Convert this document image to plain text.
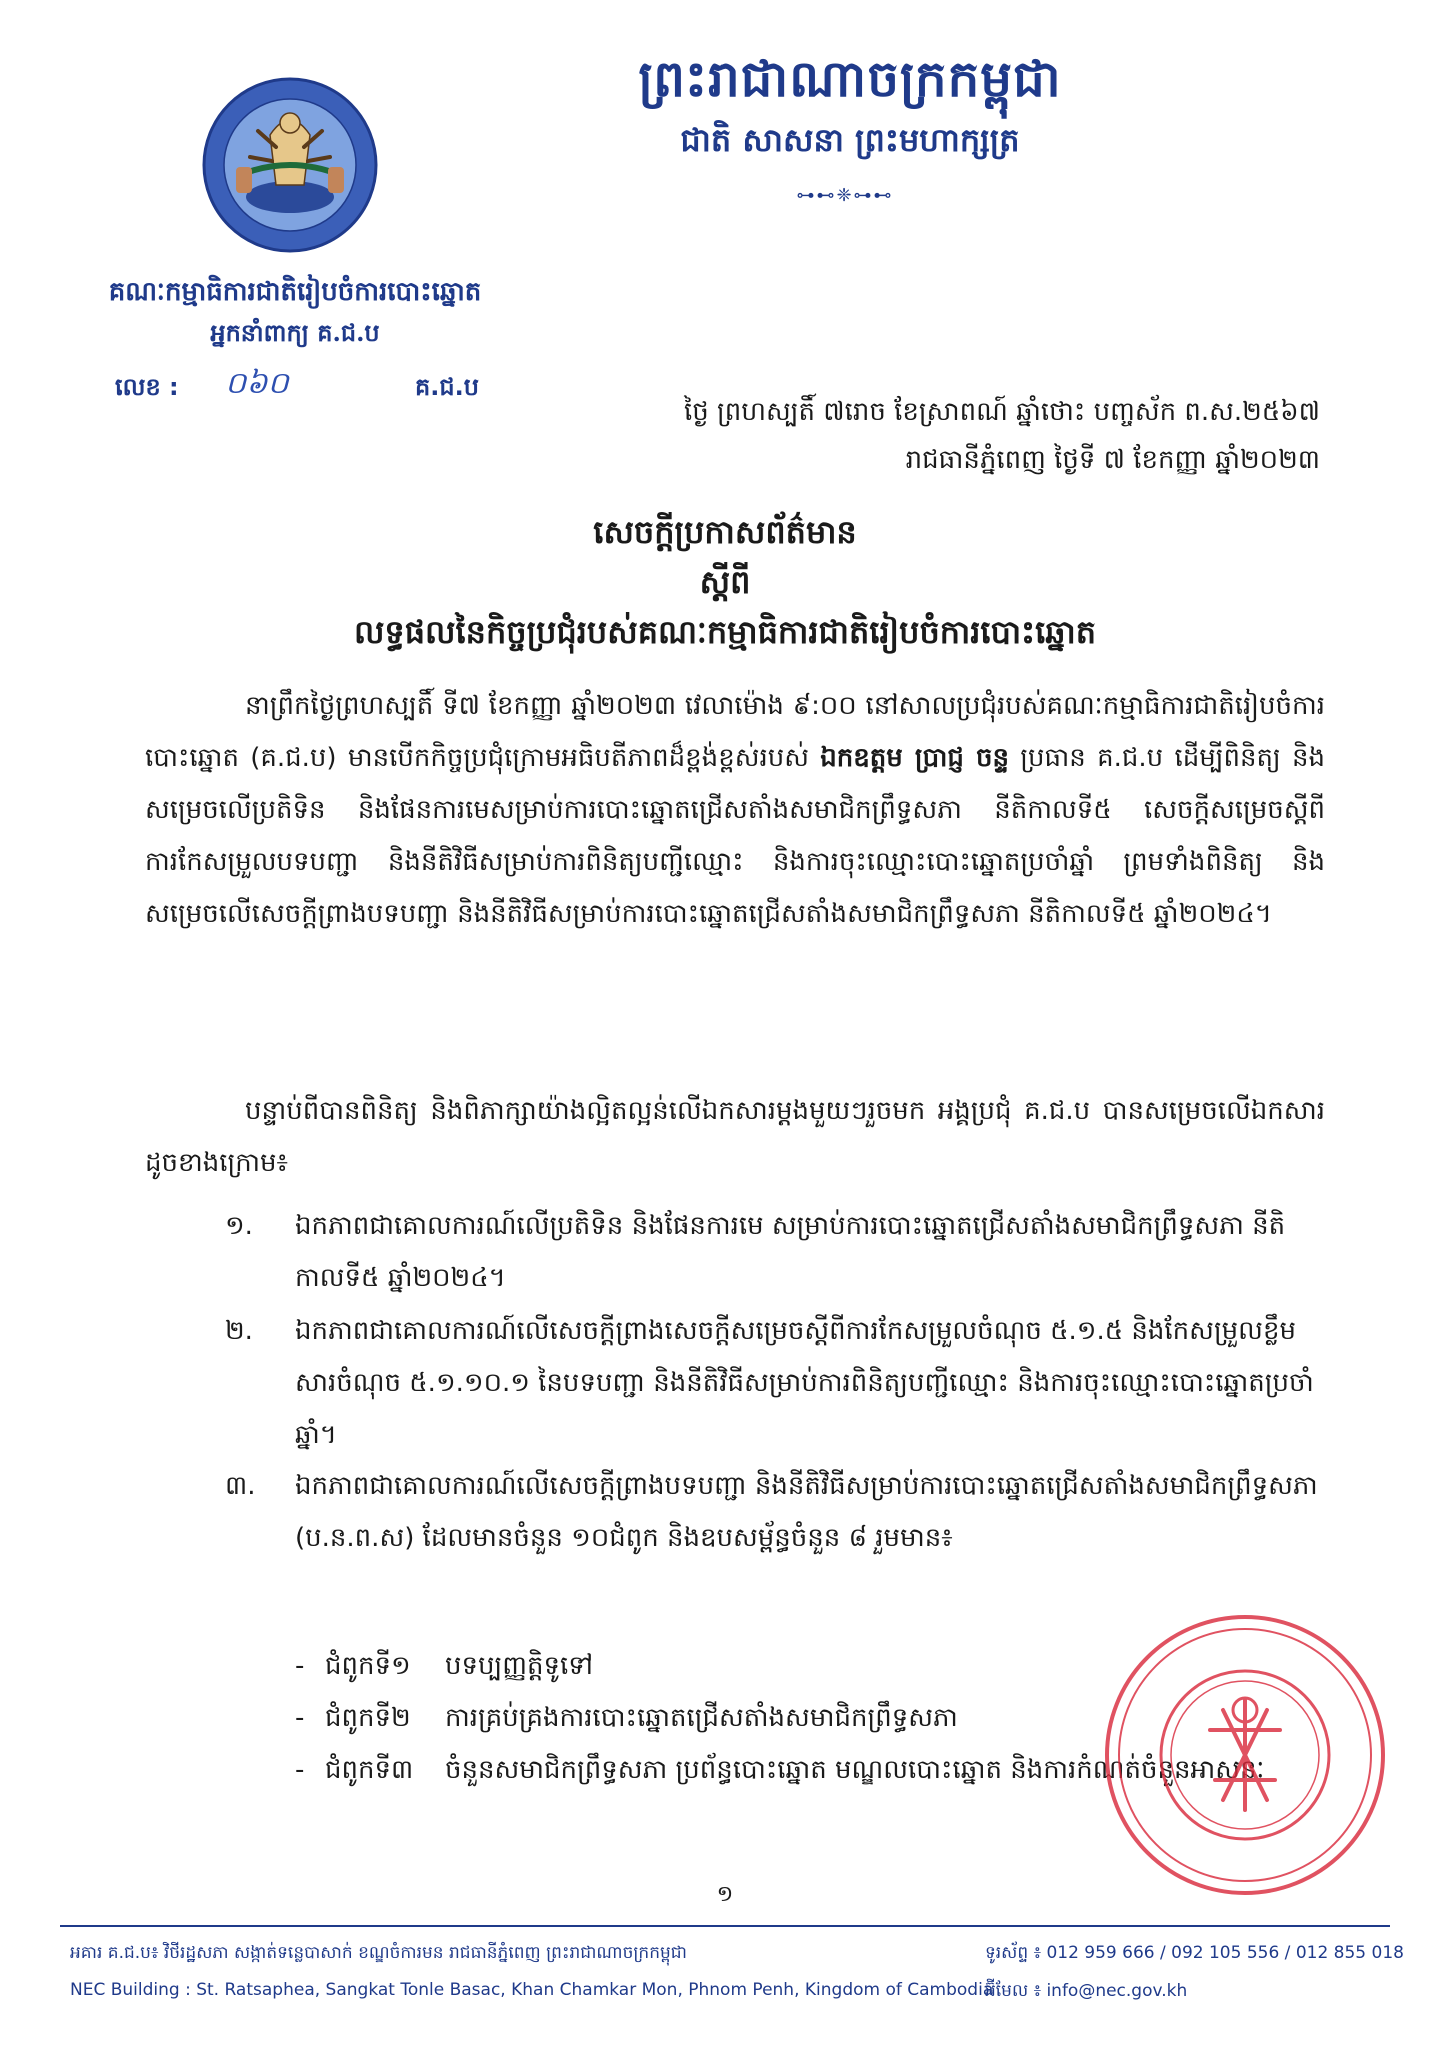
ព្រះរាជាណាចក្រកម្ពុជា
ជាតិ សាសនា ព្រះមហាក្សត្រ
⊶⊷❈⊶⊷
គណៈកម្មាធិការជាតិរៀបចំការបោះឆ្នោត
អ្នកនាំពាក្យ គ.ជ.ប
លេខ : ០៦០	គ.ជ.ប
ថ្ងៃ ព្រហស្បតិ៍ ៧រោច ខែស្រាពណ៍ ឆ្នាំថោះ បញ្ចស័ក ព.ស.២៥៦៧
រាជធានីភ្នំពេញ ថ្ងៃទី ៧ ខែកញ្ញា ឆ្នាំ២០២៣
សេចក្តីប្រកាសព័ត៌មាន
ស្តីពី
លទ្ធផលនៃកិច្ចប្រជុំរបស់គណៈកម្មាធិការជាតិរៀបចំការបោះឆ្នោត
នាព្រឹកថ្ងៃព្រហស្បតិ៍ ទី៧ ខែកញ្ញា ឆ្នាំ២០២៣ វេលាម៉ោង ៩:០០ នៅសាលប្រជុំរបស់គណៈកម្មាធិការជាតិរៀបចំការបោះឆ្នោត (គ.ជ.ប) មានបើកកិច្ចប្រជុំក្រោមអធិបតីភាពដ៏ខ្ពង់ខ្ពស់របស់ ឯកឧត្តម ប្រាជ្ញ ចន្ទ ប្រធាន គ.ជ.ប ដើម្បីពិនិត្យ និងសម្រេចលើប្រតិទិន និងផែនការមេសម្រាប់ការបោះឆ្នោតជ្រើសតាំងសមាជិកព្រឹទ្ធសភា នីតិកាលទី៥ សេចក្តីសម្រេចស្តីពីការកែសម្រួលបទបញ្ជា និងនីតិវិធីសម្រាប់ការពិនិត្យបញ្ជីឈ្មោះ និងការចុះឈ្មោះបោះឆ្នោតប្រចាំឆ្នាំ ព្រមទាំងពិនិត្យ និងសម្រេចលើសេចក្តីព្រាងបទបញ្ជា និងនីតិវិធីសម្រាប់ការបោះឆ្នោតជ្រើសតាំងសមាជិកព្រឹទ្ធសភា នីតិកាលទី៥ ឆ្នាំ២០២៤។
បន្ទាប់ពីបានពិនិត្យ និងពិភាក្សាយ៉ាងល្អិតល្អន់លើឯកសារម្តងមួយៗរួចមក អង្គប្រជុំ គ.ជ.ប បានសម្រេចលើឯកសារដូចខាងក្រោម៖
១. ឯកភាពជាគោលការណ៍លើប្រតិទិន និងផែនការមេ សម្រាប់ការបោះឆ្នោតជ្រើសតាំងសមាជិកព្រឹទ្ធសភា នីតិកាលទី៥ ឆ្នាំ២០២៤។
២. ឯកភាពជាគោលការណ៍លើសេចក្តីព្រាងសេចក្តីសម្រេចស្តីពីការកែសម្រួលចំណុច ៥.១.៥ និងកែសម្រួលខ្លឹមសារចំណុច ៥.១.១០.១ នៃបទបញ្ជា និងនីតិវិធីសម្រាប់ការពិនិត្យបញ្ជីឈ្មោះ និងការចុះឈ្មោះបោះឆ្នោតប្រចាំឆ្នាំ។
៣. ឯកភាពជាគោលការណ៍លើសេចក្តីព្រាងបទបញ្ជា និងនីតិវិធីសម្រាប់ការបោះឆ្នោតជ្រើសតាំងសមាជិកព្រឹទ្ធសភា (ប.ន.ព.ស) ដែលមានចំនួន ១០ជំពូក និងឧបសម្ព័ន្ធចំនួន ៨ រួមមាន៖
- ជំពូកទី១ បទប្បញ្ញត្តិទូទៅ
- ជំពូកទី២ ការគ្រប់គ្រងការបោះឆ្នោតជ្រើសតាំងសមាជិកព្រឹទ្ធសភា
- ជំពូកទី៣ ចំនួនសមាជិកព្រឹទ្ធសភា ប្រព័ន្ធបោះឆ្នោត មណ្ឌលបោះឆ្នោត និងការកំណត់ចំនួនអាសនៈ
១
អគារ គ.ជ.ប៖ វិថីរដ្ឋសភា សង្កាត់ទន្លេបាសាក់ ខណ្ឌចំការមន រាជធានីភ្នំពេញ ព្រះរាជាណាចក្រកម្ពុជា
NEC Building : St. Ratsaphea, Sangkat Tonle Basac, Khan Chamkar Mon, Phnom Penh, Kingdom of Cambodia
ទូរស័ព្ទ ៖ 012 959 666 / 092 105 556 / 012 855 018
អ៊ីមែល ៖ info@nec.gov.kh
